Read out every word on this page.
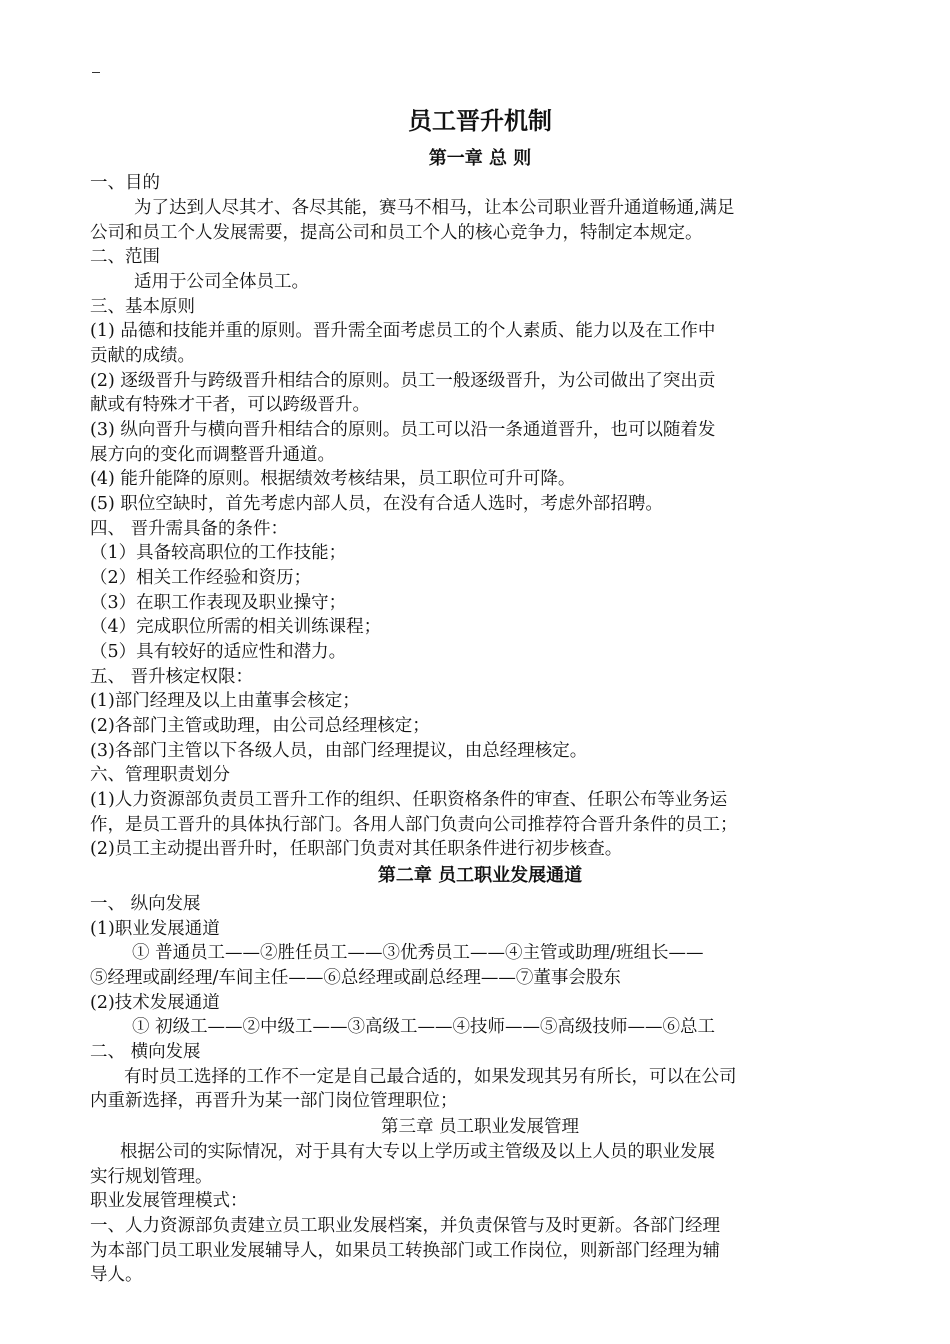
员工晋升机制
第一章 总 则
一、目的
为了达到人尽其才、各尽其能，赛马不相马，让本公司职业晋升通道畅通,满足
公司和员工个人发展需要，提高公司和员工个人的核心竞争力，特制定本规定。
二、范围
适用于公司全体员工。
三、基本原则
(1) 品德和技能并重的原则。晋升需全面考虑员工的个人素质、能力以及在工作中
贡献的成绩。
(2) 逐级晋升与跨级晋升相结合的原则。员工一般逐级晋升，为公司做出了突出贡
献或有特殊才干者，可以跨级晋升。
(3) 纵向晋升与横向晋升相结合的原则。员工可以沿一条通道晋升，也可以随着发
展方向的变化而调整晋升通道。
(4) 能升能降的原则。根据绩效考核结果，员工职位可升可降。
(5) 职位空缺时，首先考虑内部人员，在没有合适人选时，考虑外部招聘。
四、 晋升需具备的条件：
（1）具备较高职位的工作技能；
（2）相关工作经验和资历；
（3）在职工作表现及职业操守；
（4）完成职位所需的相关训练课程；
（5）具有较好的适应性和潜力。
五、 晋升核定权限：
(1)部门经理及以上由董事会核定；
(2)各部门主管或助理，由公司总经理核定；
(3)各部门主管以下各级人员，由部门经理提议，由总经理核定。
六、管理职责划分
(1)人力资源部负责员工晋升工作的组织、任职资格条件的审查、任职公布等业务运
作，是员工晋升的具体执行部门。各用人部门负责向公司推荐符合晋升条件的员工；
(2)员工主动提出晋升时，任职部门负责对其任职条件进行初步核查。
第二章 员工职业发展通道
一、 纵向发展
(1)职业发展通道
① 普通员工——②胜任员工——③优秀员工——④主管或助理/班组长——
⑤经理或副经理/车间主任——⑥总经理或副总经理——⑦董事会股东
(2)技术发展通道
① 初级工——②中级工——③高级工——④技师——⑤高级技师——⑥总工
二、 横向发展
有时员工选择的工作不一定是自己最合适的，如果发现其另有所长，可以在公司
内重新选择，再晋升为某一部门岗位管理职位；
第三章 员工职业发展管理
根据公司的实际情况，对于具有大专以上学历或主管级及以上人员的职业发展
实行规划管理。
职业发展管理模式：
一、人力资源部负责建立员工职业发展档案，并负责保管与及时更新。各部门经理
为本部门员工职业发展辅导人，如果员工转换部门或工作岗位，则新部门经理为辅
导人。
